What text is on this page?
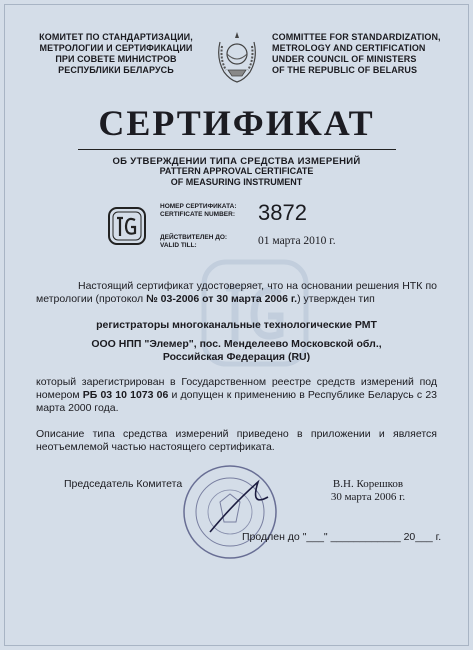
КОМИТЕТ ПО СТАНДАРТИЗАЦИИ,
МЕТРОЛОГИИ И СЕРТИФИКАЦИИ
ПРИ СОВЕТЕ МИНИСТРОВ
РЕСПУБЛИКИ БЕЛАРУСЬ
COMMITTEE FOR STANDARDIZATION,
METROLOGY AND CERTIFICATION
UNDER COUNCIL OF MINISTERS
OF THE REPUBLIC OF BELARUS
СЕРТИФИКАТ

ОБ УТВЕРЖДЕНИИ ТИПА СРЕДСТВА ИЗМЕРЕНИЙ
PATTERN APPROVAL CERTIFICATE
OF MEASURING INSTRUMENT
НОМЕР СЕРТИФИКАТА:
CERTIFICATE NUMBER: 3872
ДЕЙСТВИТЕЛЕН ДО:
VALID TILL:	01 марта 2010 г.
Настоящий сертификат удостоверяет, что на основании решения НТК по метрологии (протокол № 03-2006 от 30 марта 2006 г.) утвержден тип
регистраторы многоканальные технологические РМТ
ООО НПП "Элемер", пос. Менделеево Московской обл.,
Российская Федерация (RU)
который зарегистрирован в Государственном реестре средств измерений под номером РБ 03 10 1073 06 и допущен к применению в Республике Беларусь с 23 марта 2000 года.
Описание типа средства измерений приведено в приложении и является неотъемлемой частью настоящего сертификата.
Председатель Комитета	В.Н. Корешков
30 марта 2006 г.
Продлен до "___" ____________ 20___ г.
